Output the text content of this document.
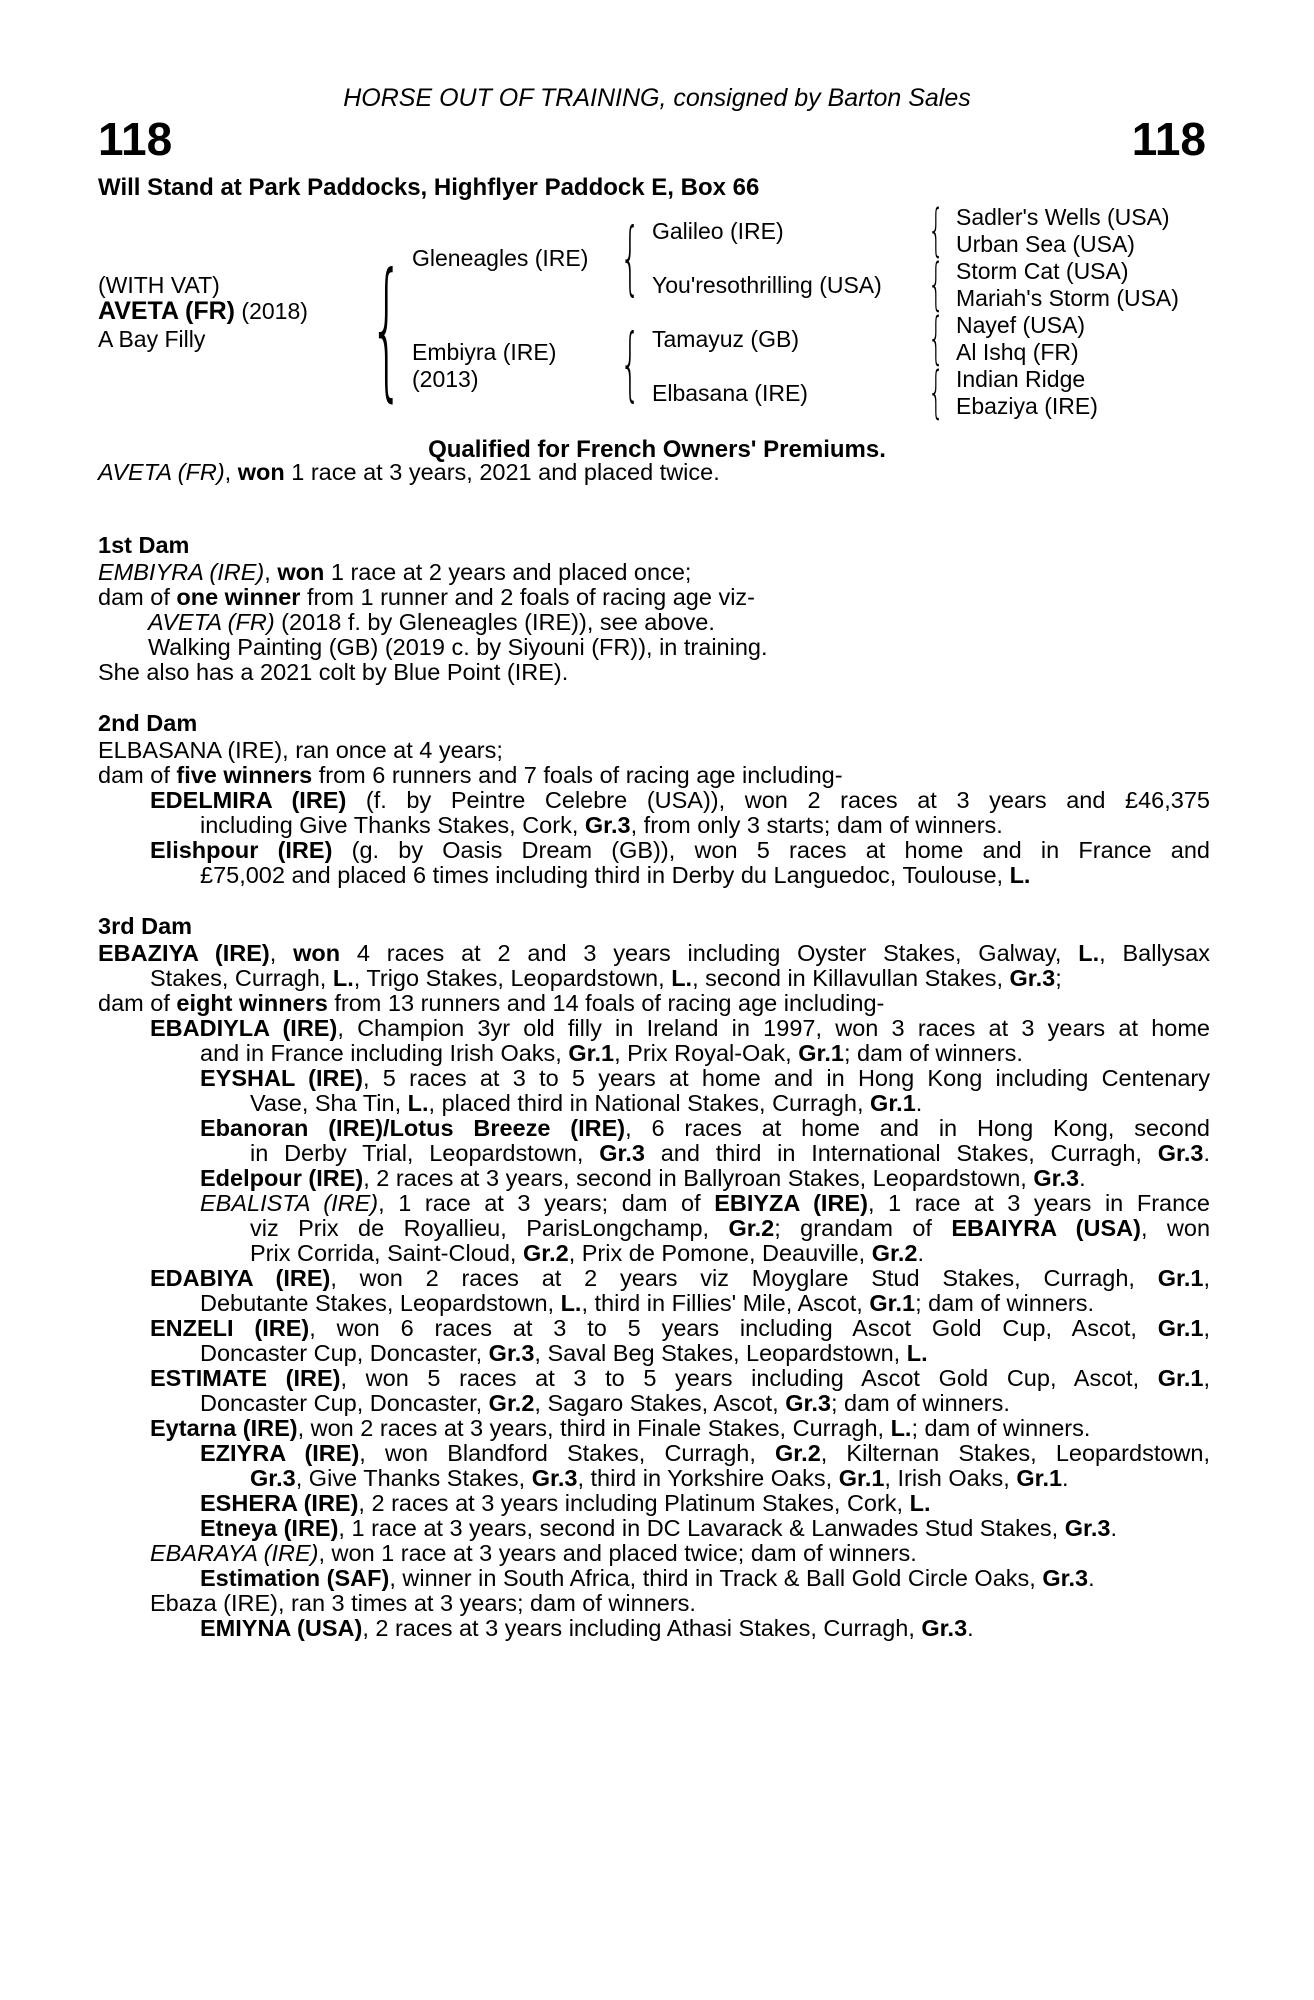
HORSE OUT OF TRAINING, consigned by Barton Sales
118	118
Will Stand at Park Paddocks, Highflyer Paddock E, Box 66
(WITH VAT)
AVETA (FR) (2018)
A Bay Filly { Gleneagles (IRE)
Embiyra (IRE)
(2013)
{
{
Galileo (IRE)
You'resothrilling (USA)
Tamayuz (GB)
Elbasana (IRE)
{
{
{
{
Sadler's Wells (USA)
Urban Sea (USA)
Storm Cat (USA)
Mariah's Storm (USA)
Nayef (USA)
Al Ishq (FR)
Indian Ridge
Ebaziya (IRE)
Qualified for French Owners' Premiums.
AVETA (FR), won 1 race at 3 years, 2021 and placed twice.
1st Dam
EMBIYRA (IRE), won 1 race at 2 years and placed once;
dam of one winner from 1 runner and 2 foals of racing age viz-
AVETA (FR) (2018 f. by Gleneagles (IRE)), see above.
Walking Painting (GB) (2019 c. by Siyouni (FR)), in training.
She also has a 2021 colt by Blue Point (IRE).
2nd Dam
ELBASANA (IRE), ran once at 4 years;
dam of five winners from 6 runners and 7 foals of racing age including-
EDELMIRA (IRE) (f. by Peintre Celebre (USA)), won 2 races at 3 years and £46,375
including Give Thanks Stakes, Cork, Gr.3, from only 3 starts; dam of winners.
Elishpour (IRE) (g. by Oasis Dream (GB)), won 5 races at home and in France and
£75,002 and placed 6 times including third in Derby du Languedoc, Toulouse, L.
3rd Dam
EBAZIYA (IRE), won 4 races at 2 and 3 years including Oyster Stakes, Galway, L., Ballysax
Stakes, Curragh, L., Trigo Stakes, Leopardstown, L., second in Killavullan Stakes, Gr.3;
dam of eight winners from 13 runners and 14 foals of racing age including-
EBADIYLA (IRE), Champion 3yr old filly in Ireland in 1997, won 3 races at 3 years at home
and in France including Irish Oaks, Gr.1, Prix Royal-Oak, Gr.1; dam of winners.
EYSHAL (IRE), 5 races at 3 to 5 years at home and in Hong Kong including Centenary
Vase, Sha Tin, L., placed third in National Stakes, Curragh, Gr.1.
Ebanoran (IRE)/Lotus Breeze (IRE), 6 races at home and in Hong Kong, second
in Derby Trial, Leopardstown, Gr.3 and third in International Stakes, Curragh, Gr.3.
Edelpour (IRE), 2 races at 3 years, second in Ballyroan Stakes, Leopardstown, Gr.3.
EBALISTA (IRE), 1 race at 3 years; dam of EBIYZA (IRE), 1 race at 3 years in France
viz Prix de Royallieu, ParisLongchamp, Gr.2; grandam of EBAIYRA (USA), won
Prix Corrida, Saint-Cloud, Gr.2, Prix de Pomone, Deauville, Gr.2.
EDABIYA (IRE), won 2 races at 2 years viz Moyglare Stud Stakes, Curragh, Gr.1,
Debutante Stakes, Leopardstown, L., third in Fillies' Mile, Ascot, Gr.1; dam of winners.
ENZELI (IRE), won 6 races at 3 to 5 years including Ascot Gold Cup, Ascot, Gr.1,
Doncaster Cup, Doncaster, Gr.3, Saval Beg Stakes, Leopardstown, L.
ESTIMATE (IRE), won 5 races at 3 to 5 years including Ascot Gold Cup, Ascot, Gr.1,
Doncaster Cup, Doncaster, Gr.2, Sagaro Stakes, Ascot, Gr.3; dam of winners.
Eytarna (IRE), won 2 races at 3 years, third in Finale Stakes, Curragh, L.; dam of winners.
EZIYRA (IRE), won Blandford Stakes, Curragh, Gr.2, Kilternan Stakes, Leopardstown,
Gr.3, Give Thanks Stakes, Gr.3, third in Yorkshire Oaks, Gr.1, Irish Oaks, Gr.1.
ESHERA (IRE), 2 races at 3 years including Platinum Stakes, Cork, L.
Etneya (IRE), 1 race at 3 years, second in DC Lavarack & Lanwades Stud Stakes, Gr.3.
EBARAYA (IRE), won 1 race at 3 years and placed twice; dam of winners.
Estimation (SAF), winner in South Africa, third in Track & Ball Gold Circle Oaks, Gr.3.
Ebaza (IRE), ran 3 times at 3 years; dam of winners.
EMIYNA (USA), 2 races at 3 years including Athasi Stakes, Curragh, Gr.3.
